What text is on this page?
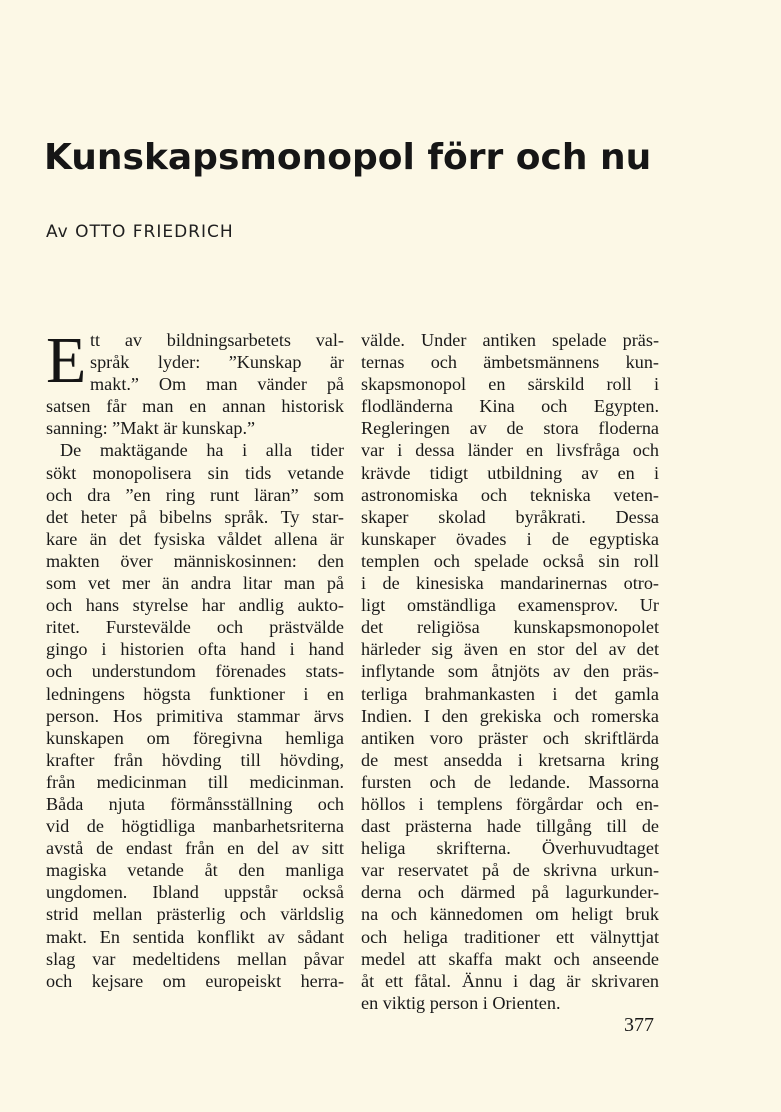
Kunskapsmonopol förr och nu
Av OTTO FRIEDRICH
E tt av bildningsarbetets val-
språk lyder: ”Kunskap är
makt.” Om man vänder på
satsen får man en annan historisk
sanning: ”Makt är kunskap.”
De maktägande ha i alla tider
sökt monopolisera sin tids vetande
och dra ”en ring runt läran” som
det heter på bibelns språk. Ty star-
kare än det fysiska våldet allena är
makten över människosinnen: den
som vet mer än andra litar man på
och hans styrelse har andlig aukto-
ritet. Furstevälde och prästvälde
gingo i historien ofta hand i hand
och understundom förenades stats-
ledningens högsta funktioner i en
person. Hos primitiva stammar ärvs
kunskapen om föregivna hemliga
krafter från hövding till hövding,
från medicinman till medicinman.
Båda njuta förmånsställning och
vid de högtidliga manbarhetsriterna
avstå de endast från en del av sitt
magiska vetande åt den manliga
ungdomen. Ibland uppstår också
strid mellan prästerlig och världslig
makt. En sentida konflikt av sådant
slag var medeltidens mellan påvar
och kejsare om europeiskt herra-
välde. Under antiken spelade präs-
ternas och ämbetsmännens kun-
skapsmonopol en särskild roll i
flodländerna Kina och Egypten.
Regleringen av de stora floderna
var i dessa länder en livsfråga och
krävde tidigt utbildning av en i
astronomiska och tekniska veten-
skaper skolad byråkrati. Dessa
kunskaper övades i de egyptiska
templen och spelade också sin roll
i de kinesiska mandarinernas otro-
ligt omständliga examensprov. Ur
det religiösa kunskapsmonopolet
härleder sig även en stor del av det
inflytande som åtnjöts av den präs-
terliga brahmankasten i det gamla
Indien. I den grekiska och romerska
antiken voro präster och skriftlärda
de mest ansedda i kretsarna kring
fursten och de ledande. Massorna
höllos i templens förgårdar och en-
dast prästerna hade tillgång till de
heliga skrifterna. Överhuvudtaget
var reservatet på de skrivna urkun-
derna och därmed på lagurkunder-
na och kännedomen om heligt bruk
och heliga traditioner ett välnyttjat
medel att skaffa makt och anseende
åt ett fåtal. Ännu i dag är skrivaren
en viktig person i Orienten.
377
